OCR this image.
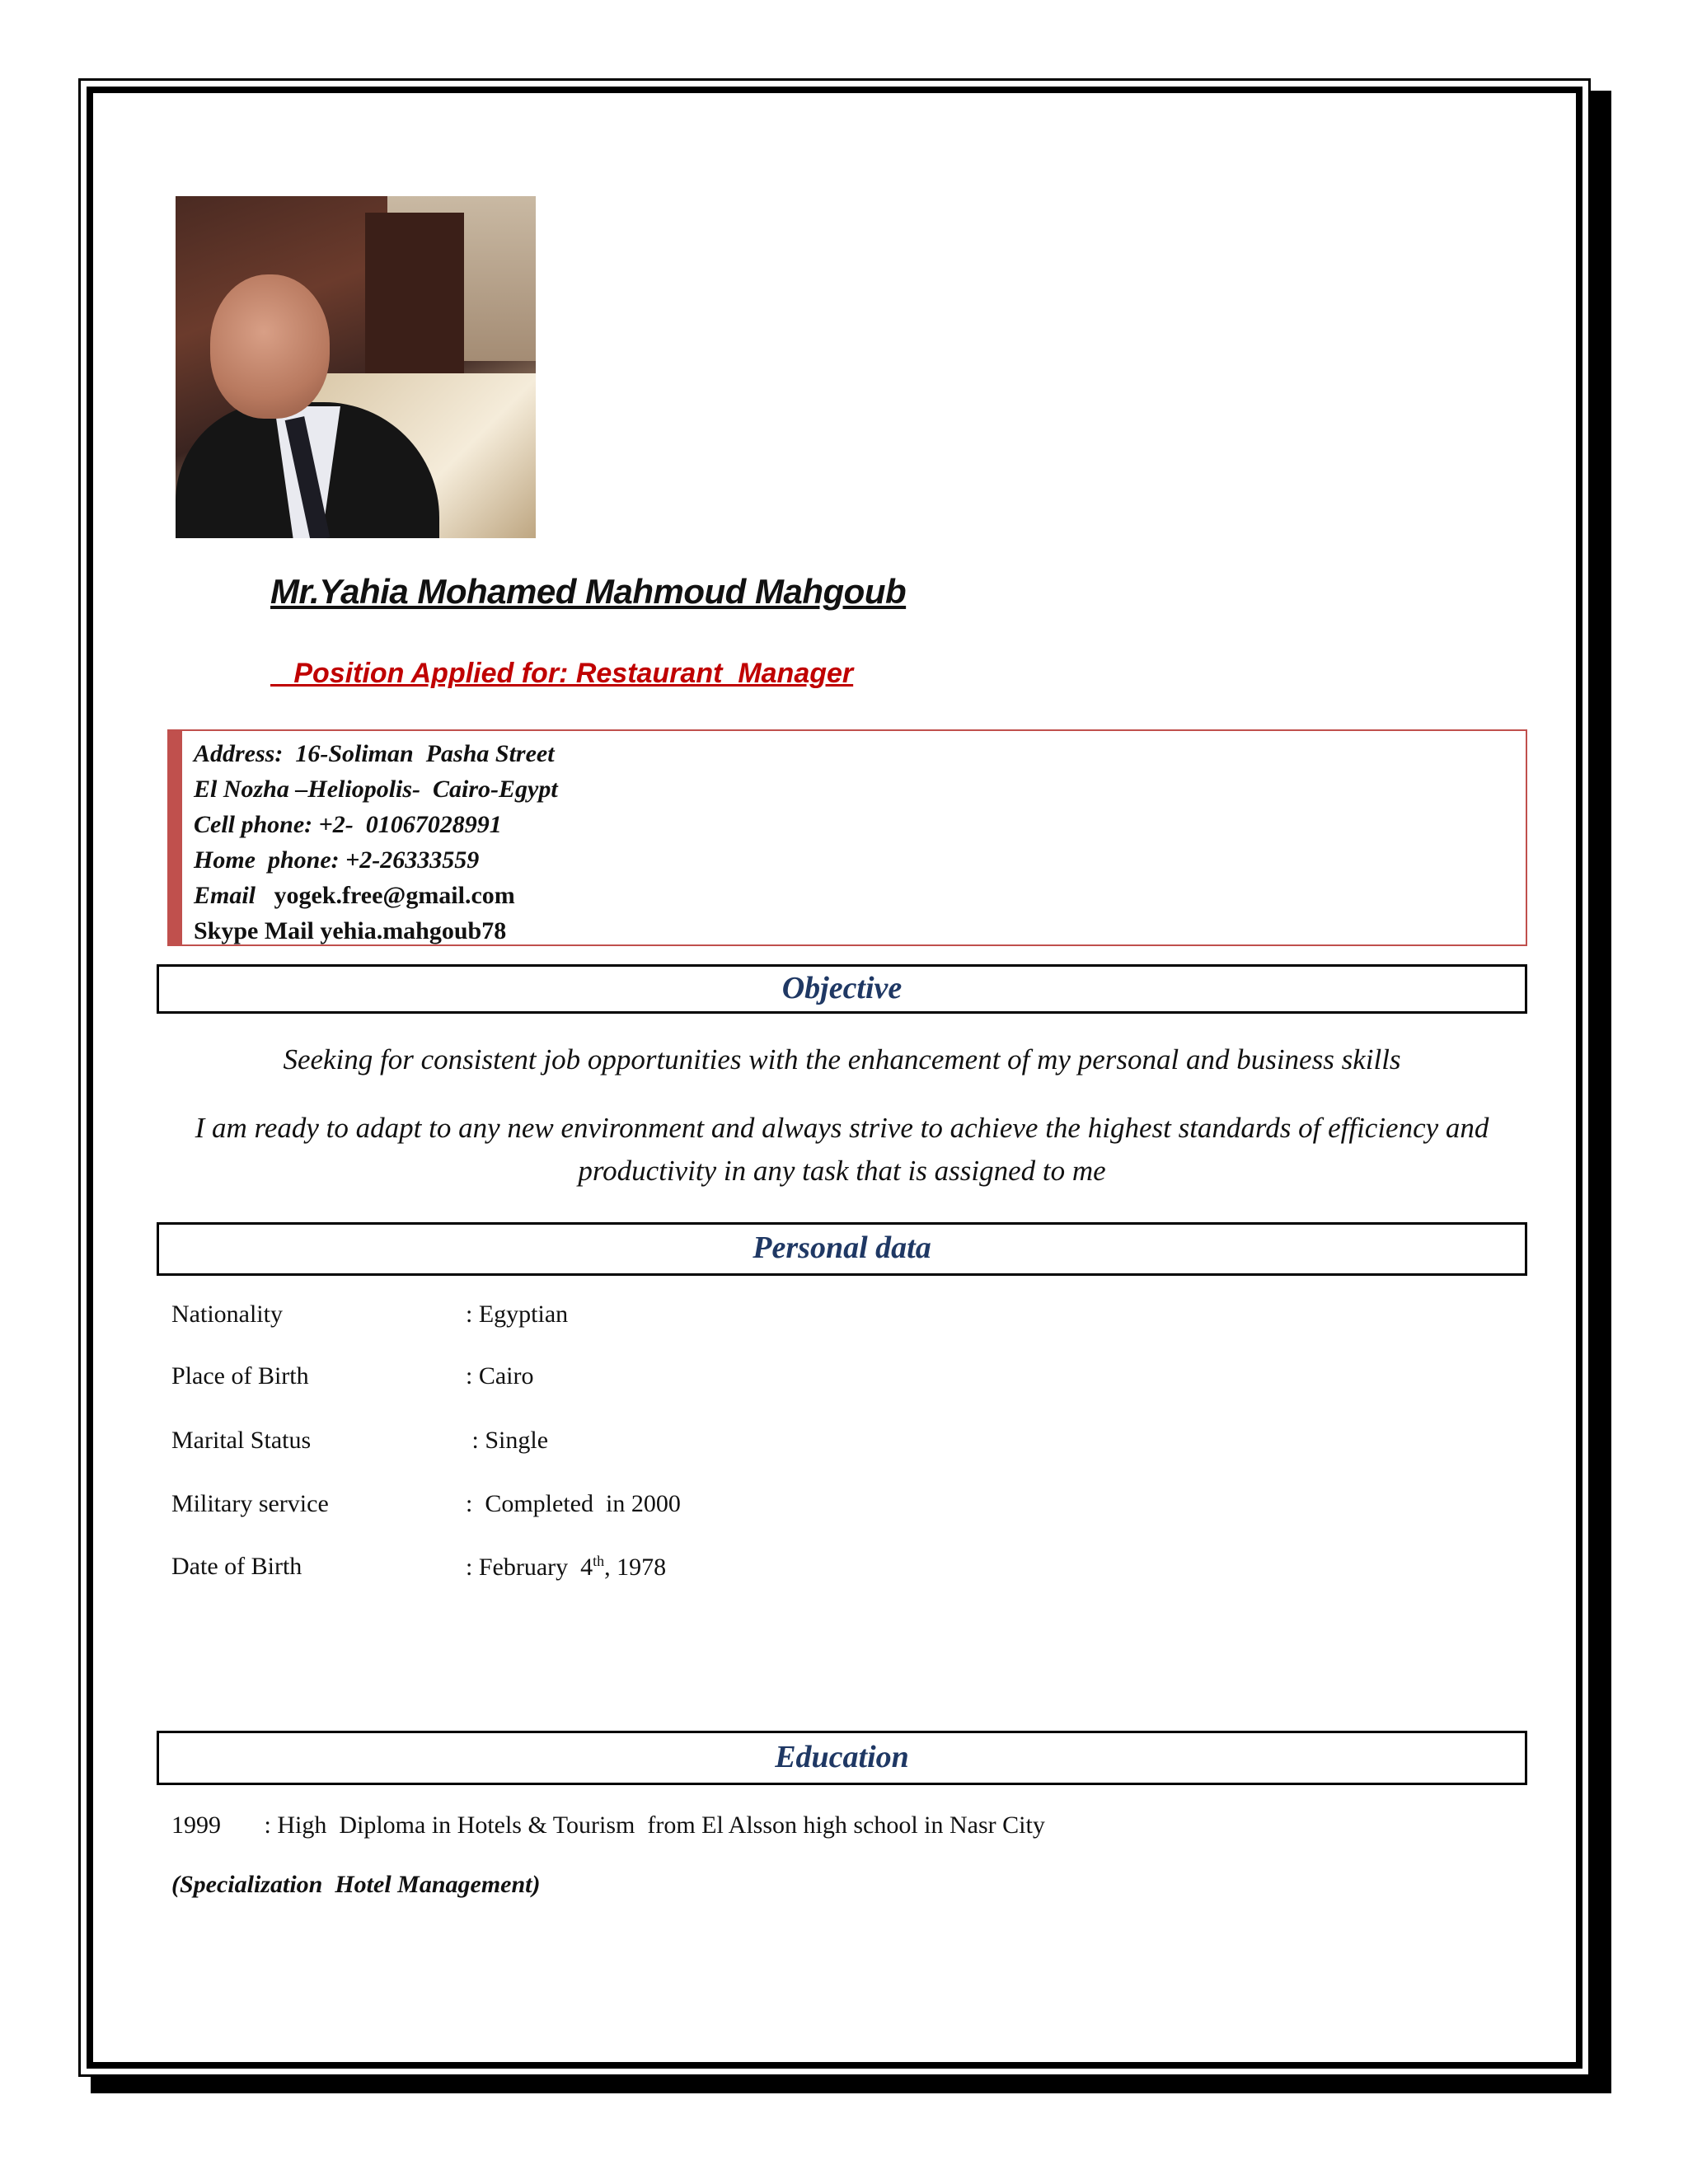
Mr.Yahia Mohamed Mahmoud Mahgoub
Position Applied for: Restaurant  Manager
Address:  16-Soliman  Pasha Street
El Nozha –Heliopolis-  Cairo-Egypt
Cell phone: +2-  01067028991
Home  phone: +2-26333559
Email   yogek.free@gmail.com
Skype Mail yehia.mahgoub78
Objective
Seeking for consistent job opportunities with the enhancement of my personal and business skills
I am ready to adapt to any new environment and always strive to achieve the highest standards of efficiency and productivity in any task that is assigned to me
Personal data
Nationality	: Egyptian
Place of Birth	: Cairo
Marital Status	: Single
Military service	:  Completed  in 2000
Date of Birth	: February  4th, 1978
Education
1999       : High  Diploma in Hotels & Tourism  from El Alsson high school in Nasr City
(Specialization  Hotel Management)
